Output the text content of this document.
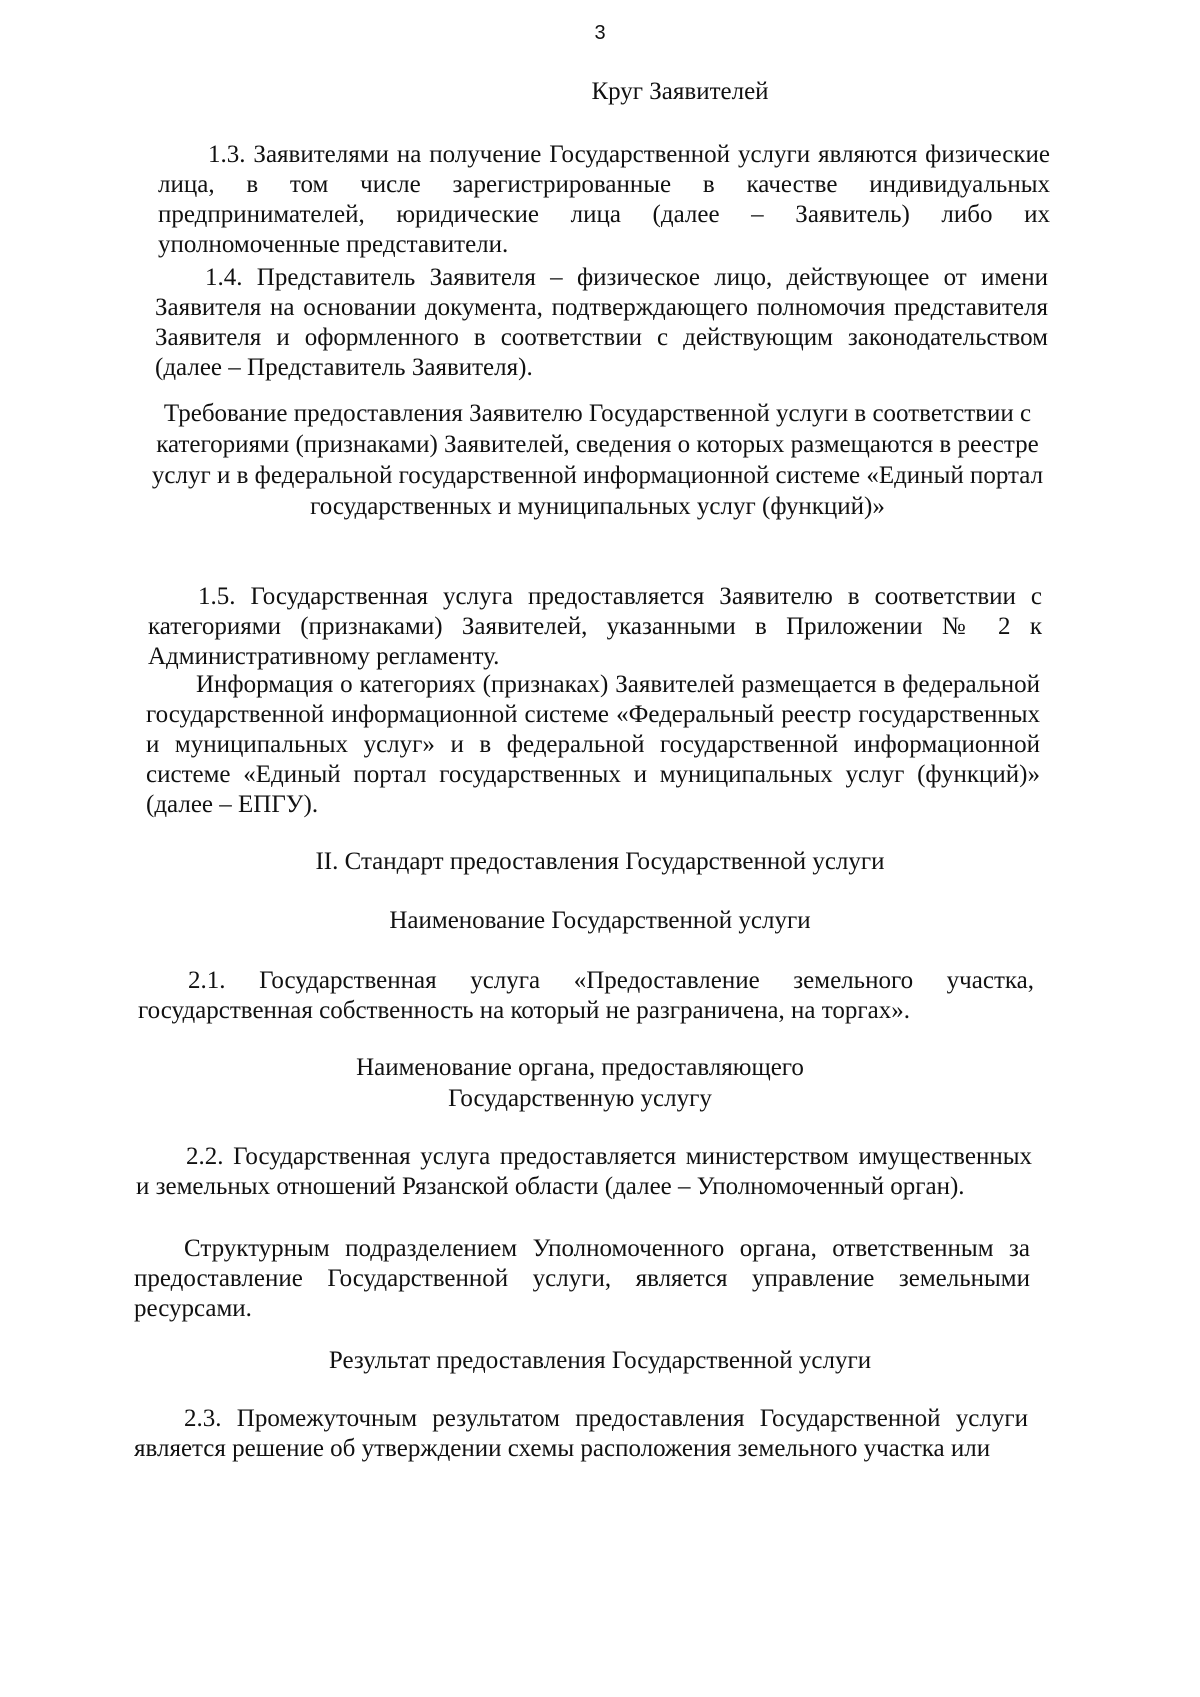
3
Круг Заявителей
1.3. Заявителями на получение Государственной услуги являются физические лица, в том числе зарегистрированные в качестве индивидуальных предпринимателей, юридические лица (далее – Заявитель) либо их уполномоченные представители.
1.4. Представитель Заявителя – физическое лицо, действующее от имени Заявителя на основании документа, подтверждающего полномочия представителя Заявителя и оформленного в соответствии с действующим законодательством (далее – Представитель Заявителя).
Требование предоставления Заявителю Государственной услуги в соответствии с категориями (признаками) Заявителей, сведения о которых размещаются в реестре услуг и в федеральной государственной информационной системе «Единый портал государственных и муниципальных услуг (функций)»
1.5. Государственная услуга предоставляется Заявителю в соответствии с категориями (признаками) Заявителей, указанными в Приложении № 2 к Административному регламенту.
Информация о категориях (признаках) Заявителей размещается в федеральной государственной информационной системе «Федеральный реестр государственных и муниципальных услуг» и в федеральной государственной информационной системе «Единый портал государственных и муниципальных услуг (функций)» (далее – ЕПГУ).
II. Стандарт предоставления Государственной услуги
Наименование Государственной услуги
2.1. Государственная услуга «Предоставление земельного участка, государственная собственность на который не разграничена, на торгах».
Наименование органа, предоставляющего Государственную услугу
2.2. Государственная услуга предоставляется министерством имущественных и земельных отношений Рязанской области (далее – Уполномоченный орган).
Структурным подразделением Уполномоченного органа, ответственным за предоставление Государственной услуги, является управление земельными ресурсами.
Результат предоставления Государственной услуги
2.3. Промежуточным результатом предоставления Государственной услуги является решение об утверждении схемы расположения земельного участка или
